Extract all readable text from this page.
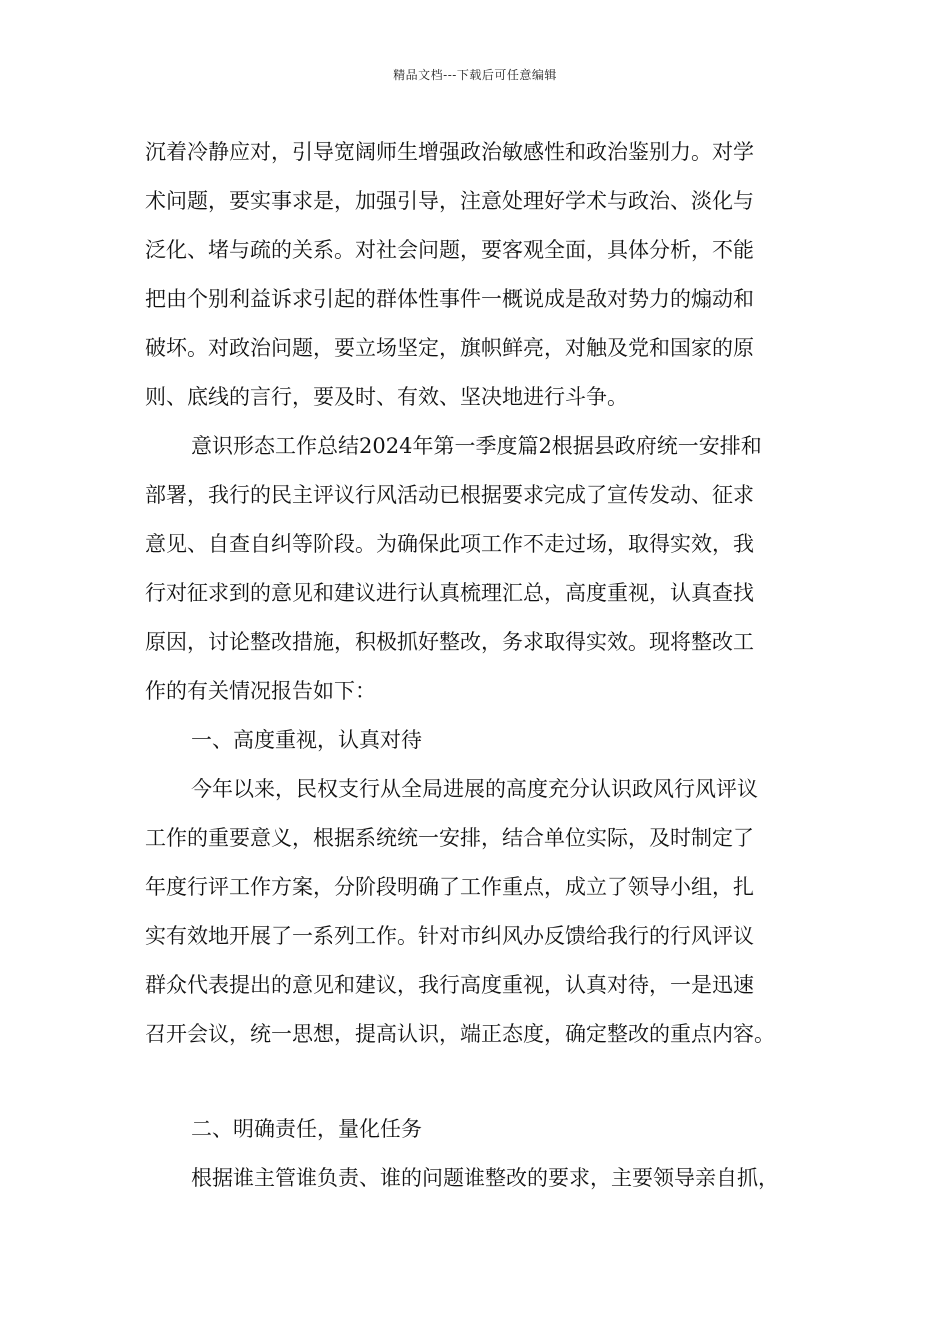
精品文档---下载后可任意编辑
沉着冷静应对，引导宽阔师生增强政治敏感性和政治鉴别力。对学
术问题，要实事求是，加强引导，注意处理好学术与政治、淡化与
泛化、堵与疏的关系。对社会问题，要客观全面，具体分析，不能
把由个别利益诉求引起的群体性事件一概说成是敌对势力的煽动和
破坏。对政治问题，要立场坚定，旗帜鲜亮，对触及党和国家的原
则、底线的言行，要及时、有效、坚决地进行斗争。
意识形态工作总结2024年第一季度篇2根据县政府统一安排和
部署，我行的民主评议行风活动已根据要求完成了宣传发动、征求
意见、自查自纠等阶段。为确保此项工作不走过场，取得实效，我
行对征求到的意见和建议进行认真梳理汇总，高度重视，认真查找
原因，讨论整改措施，积极抓好整改，务求取得实效。现将整改工
作的有关情况报告如下：
一、高度重视，认真对待
今年以来，民权支行从全局进展的高度充分认识政风行风评议
工作的重要意义，根据系统统一安排，结合单位实际，及时制定了
年度行评工作方案，分阶段明确了工作重点，成立了领导小组，扎
实有效地开展了一系列工作。针对市纠风办反馈给我行的行风评议
群众代表提出的意见和建议，我行高度重视，认真对待，一是迅速
召开会议，统一思想，提高认识，端正态度，确定整改的重点内容。
二、明确责任，量化任务
根据谁主管谁负责、谁的问题谁整改的要求，主要领导亲自抓，
